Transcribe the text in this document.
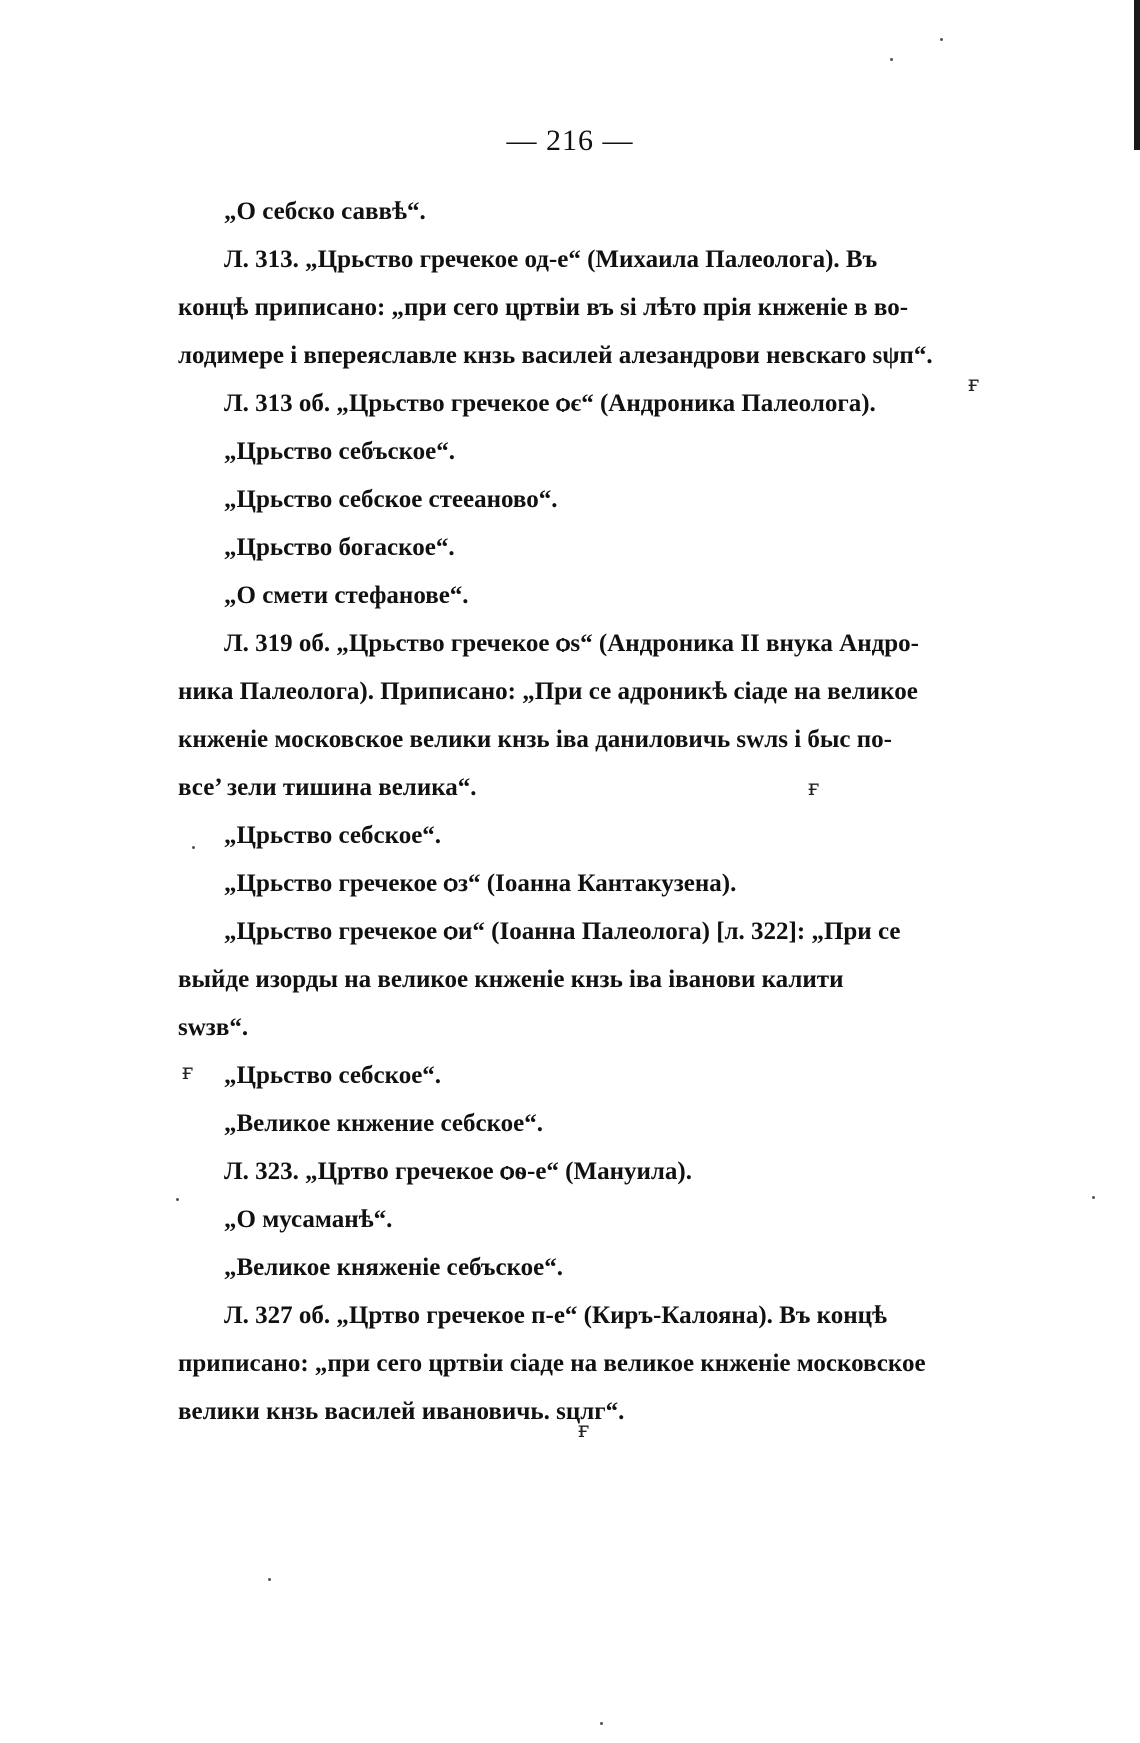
— 216 —
„О себско саввѣ“.
Л. 313. „Црьство гречекое од-е“ (Михаила Палеолога). Въ
концѣ приписано: „при сего цртвiи въ si лѣто прiя кнженiе в во-
лодимере i впереяславле кнзь василей алезандрови невскаго sψп“.
Л. 313 об. „Црьство гречекое ѻє“ (Андроника Палеолога).
„Црьство себъское“.
„Црьство себское стееаново“.
„Црьство богаское“.
„О смети стефанове“.
Л. 319 об. „Црьство гречекое ѻs“ (Андроника II внука Андро-
ника Палеолога). Приписано: „При се адроникѣ сiаде на великое
кнженiе московское велики кнзь iва даниловичь swлs i быс по-
все’ зели тишина велика“.
„Црьство себское“.
„Црьство гречекое ѻз“ (Iоанна Кантакузена).
„Црьство гречекое ѻи“ (Iоанна Палеолога) [л. 322]: „При се
выйде изорды на великое кнженiе кнзь iва iванови калити
swзв“.
„Црьство себское“.
„Великое кнжение себское“.
Л. 323. „Цртво гречекое ѻѳ-е“ (Мануила).
„О мусаманѣ“.
„Великое княженiе себъское“.
Л. 327 об. „Цртво гречекое п-е“ (Киръ-Калояна). Въ концѣ
приписано: „при сего цртвiи сiаде на великое кнженiе московское
велики кнзь василей ивановичь. sцлг“.
ғ
ғ
ғ
ғ
